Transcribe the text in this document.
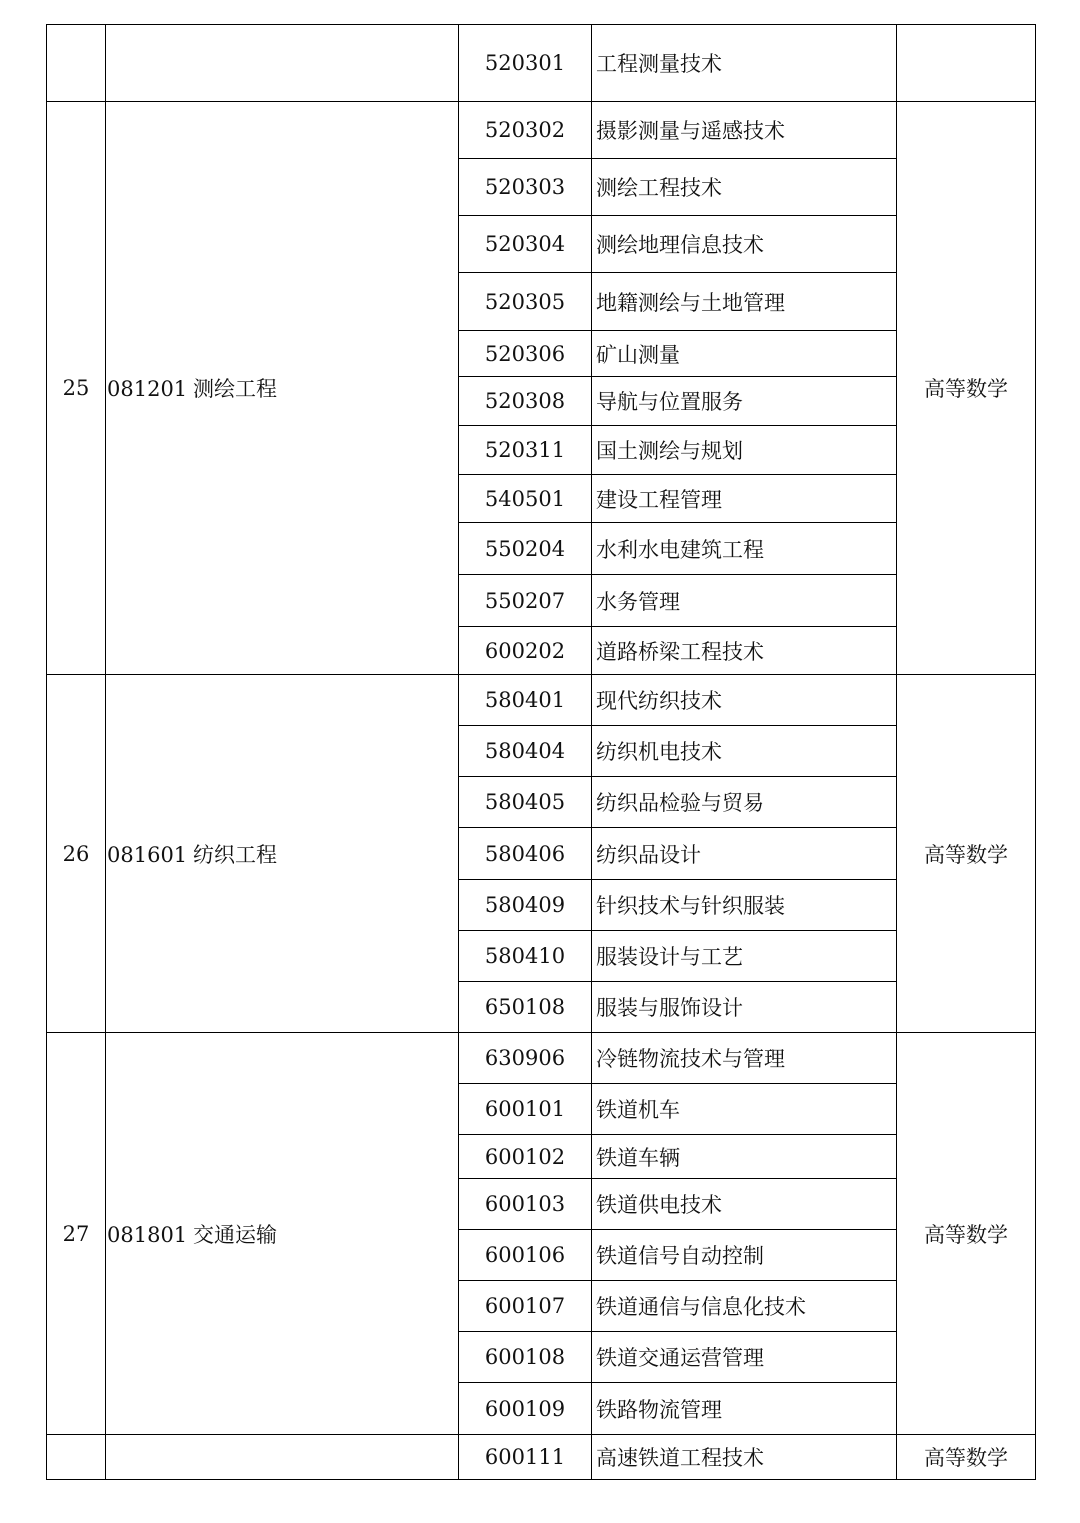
		520301	工程测量技术	
25	081201 测绘工程	520302	摄影测量与遥感技术	高等数学
		520303	测绘工程技术	
		520304	测绘地理信息技术	
		520305	地籍测绘与土地管理	
		520306	矿山测量	
		520308	导航与位置服务	
		520311	国土测绘与规划	
		540501	建设工程管理	
		550204	水利水电建筑工程	
		550207	水务管理	
		600202	道路桥梁工程技术	
26	081601 纺织工程	580401	现代纺织技术	高等数学
		580404	纺织机电技术	
		580405	纺织品检验与贸易	
		580406	纺织品设计	
		580409	针织技术与针织服装	
		580410	服装设计与工艺	
		650108	服装与服饰设计	
27	081801 交通运输	630906	冷链物流技术与管理	高等数学
		600101	铁道机车	
		600102	铁道车辆	
		600103	铁道供电技术	
		600106	铁道信号自动控制	
		600107	铁道通信与信息化技术	
		600108	铁道交通运营管理	
		600109	铁路物流管理	
		600111	高速铁道工程技术	高等数学
